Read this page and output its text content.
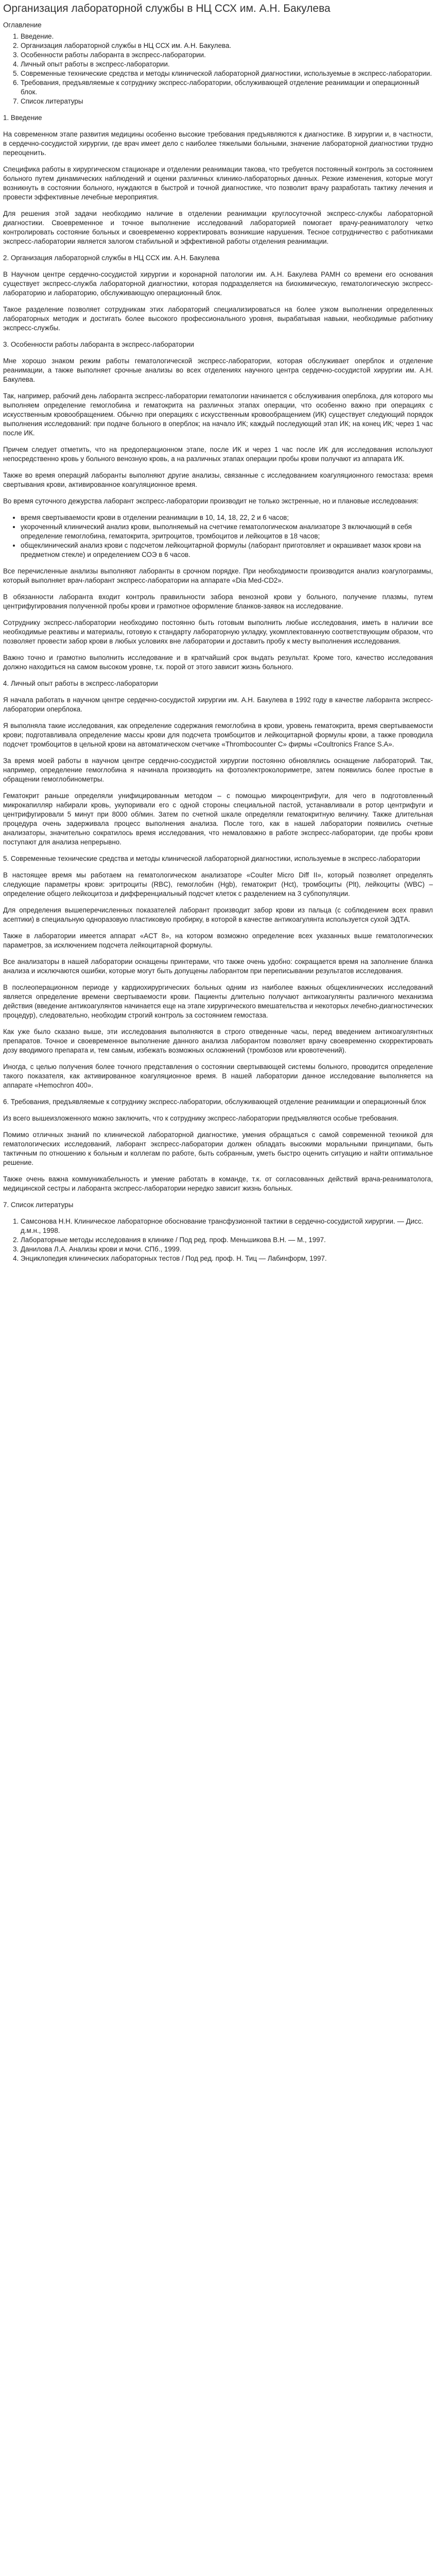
Организация лабораторной службы в НЦ ССХ им. А.Н. Бакулева
Оглавление
1. Введение.
2. Организация лабораторной службы в НЦ ССХ им. А.Н. Бакулева.
3. Особенности работы лаборанта в экспресс-лаборатории.
4. Личный опыт работы в экспресс-лаборатории.
5. Современные технические средства и методы клинической лабораторной диагностики, используемые в экспресс-лаборатории.
6. Требования, предъявляемые к сотруднику экспресс-лаборатории, обслуживающей отделение реанимации и операционный блок.
7. Список литературы

1. Введение

На современном этапе развития медицины особенно высокие требования предъявляются к диагностике. В хирургии и, в частности, в сердечно-сосудистой хирургии, где врач имеет дело с наиболее тяжелыми больными, значение лабораторной диагностики трудно переоценить.

Специфика работы в хирургическом стационаре и отделении реанимации такова, что требуется постоянный контроль за состоянием больного путем динамических наблюдений и оценки различных клинико-лабораторных данных. Резкие изменения, которые могут возникнуть в состоянии больного, нуждаются в быстрой и точной диагностике, что позволит врачу разработать тактику лечения и провести эффективные лечебные мероприятия.

Для решения этой задачи необходимо наличие в отделении реанимации круглосуточной экспресс-службы лабораторной диагностики. Своевременное и точное выполнение исследований лабораторией помогает врачу-реаниматологу четко контролировать состояние больных и своевременно корректировать возникшие нарушения. Тесное сотрудничество с работниками экспресс-лаборатории является залогом стабильной и эффективной работы отделения реанимации.

2. Организация лабораторной службы в НЦ ССХ им. А.Н. Бакулева

В Научном центре сердечно-сосудистой хирургии и коронарной патологии им. А.Н. Бакулева РАМН со времени его основания существует экспресс-служба лабораторной диагностики, которая подразделяется на биохимическую, гематологическую экспресс-лабораторию и лабораторию, обслуживающую операционный блок.

Такое разделение позволяет сотрудникам этих лабораторий специализироваться на более узком выполнении определенных лабораторных методик и достигать более высокого профессионального уровня, вырабатывая навыки, необходимые работнику экспресс-службы.

3. Особенности работы лаборанта в экспресс-лаборатории

Мне хорошо знаком режим работы гематологической экспресс-лаборатории, которая обслуживает оперблок и отделение реанимации, а также выполняет срочные анализы во всех отделениях научного центра сердечно-сосудистой хирургии им. А.Н. Бакулева.

Так, например, рабочий день лаборанта экспресс-лаборатории гематологии начинается с обслуживания оперблока, для которого мы выполняем определение гемоглобина и гематокрита на различных этапах операции, что особенно важно при операциях с искусственным кровообращением. Обычно при операциях с искусственным кровообращением (ИК) существует следующий порядок выполнения исследований: при подаче больного в оперблок; на начало ИК; каждый последующий этап ИК; на конец ИК; через 1 час после ИК.

Причем следует отметить, что на предоперационном этапе, после ИК и через 1 час после ИК для исследования используют непосредственно кровь у больного венозную кровь, а на различных этапах операции пробы крови получают из аппарата ИК.

Также во время операций лаборанты выполняют другие анализы, связанные с исследованием коагуляционного гемостаза: время свертывания крови, активированное коагуляционное время.

Во время суточного дежурства лаборант экспресс-лаборатории производит не только экстренные, но и плановые исследования:

• время свертываемости крови в отделении реанимации в 10, 14, 18, 22, 2 и 6 часов;
• укороченный клинический анализ крови, выполняемый на счетчике гематологическом анализаторе 3 включающий в себя определение гемоглобина, гематокрита, эритроцитов, тромбоцитов и лейкоцитов в 18 часов;
• общеклинический анализ крови с подсчетом лейкоцитарной формулы (лаборант приготовляет и окрашивает мазок крови на предметном стекле) и определением СОЭ в 6 часов.

Все перечисленные анализы выполняют лаборанты в срочном порядке. При необходимости производится анализ коагулограммы, который выполняет врач-лаборант экспресс-лаборатории на аппарате «Dia Med-CD2».

В обязанности лаборанта входит контроль правильности забора венозной крови у больного, получение плазмы, путем центрифугирования полученной пробы крови и грамотное оформление бланков-заявок на исследование.

Сотруднику экспресс-лаборатории необходимо постоянно быть готовым выполнить любые исследования, иметь в наличии все необходимые реактивы и материалы, готовую к стандарту лабораторную укладку, укомплектованную соответствующим образом, что позволяет провести забор крови в любых условиях вне лаборатории и доставить пробу к месту выполнения исследования.

Важно точно и грамотно выполнить исследование и в кратчайший срок выдать результат. Кроме того, качество исследования должно находиться на самом высоком уровне, т.к. порой от этого зависит жизнь больного.

4. Личный опыт работы в экспресс-лаборатории

Я начала работать в научном центре сердечно-сосудистой хирургии им. А.Н. Бакулева в 1992 году в качестве лаборанта экспресс-лаборатории оперблока.

Я выполняла такие исследования, как определение содержания гемоглобина в крови, уровень гематокрита, время свертываемости крови; подготавливала определение массы крови для подсчета тромбоцитов и лейкоцитарной формулы крови, а также проводила подсчет тромбоцитов в цельной крови на автоматическом счетчике «Thrombocounter C» фирмы «Coultronics France S.A».

За время моей работы в научном центре сердечно-сосудистой хирургии постоянно обновлялись оснащение лабораторий. Так, например, определение гемоглобина я начинала производить на фотоэлектроколориметре, затем появились более простые в обращении гемоглобинометры.

Гематокрит раньше определяли унифицированным методом – с помощью микроцентрифуги, для чего в подготовленный микрокапилляр набирали кровь, укупоривали его с одной стороны специальной пастой, устанавливали в ротор центрифуги и центрифугировали 5 минут при 8000 об/мин. Затем по счетной шкале определяли гематокритную величину. Также длительная процедура очень задерживала процесс выполнения анализа. После того, как в нашей лаборатории появились счетные анализаторы, значительно сократилось время исследования, что немаловажно в работе экспресс-лаборатории, где пробы крови поступают для анализа непрерывно.

5. Современные технические средства и методы клинической лабораторной диагностики, используемые в экспресс-лаборатории

В настоящее время мы работаем на гематологическом анализаторе «Coulter Micro Diff II», который позволяет определять следующие параметры крови: эритроциты (RBC), гемоглобин (Hgb), гематокрит (Hct), тромбоциты (Plt), лейкоциты (WBC) – определение общего лейкоцитоза и дифференциальный подсчет клеток с разделением на 3 субпопуляции.

Для определения вышеперечисленных показателей лаборант производит забор крови из пальца (с соблюдением всех правил асептики) в специальную одноразовую пластиковую пробирку, в которой в качестве антикоагулянта используется сухой ЭДТА.

Также в лаборатории имеется аппарат «ACT 8», на котором возможно определение всех указанных выше гематологических параметров, за исключением подсчета лейкоцитарной формулы.

Все анализаторы в нашей лаборатории оснащены принтерами, что также очень удобно: сокращается время на заполнение бланка анализа и исключаются ошибки, которые могут быть допущены лаборантом при переписывании результатов исследования.

В послеоперационном периоде у кардиохирургических больных одним из наиболее важных общеклинических исследований является определение времени свертываемости крови. Пациенты длительно получают антикоагулянты различного механизма действия (введение антикоагулянтов начинается еще на этапе хирургического вмешательства и некоторых лечебно-диагностических процедур), следовательно, необходим строгий контроль за состоянием гемостаза.

Как уже было сказано выше, эти исследования выполняются в строго отведенные часы, перед введением антикоагулянтных препаратов. Точное и своевременное выполнение данного анализа лаборантом позволяет врачу своевременно скорректировать дозу вводимого препарата и, тем самым, избежать возможных осложнений (тромбозов или кровотечений).

Иногда, с целью получения более точного представления о состоянии свертывающей системы больного, проводится определение такого показателя, как активированное коагуляционное время. В нашей лаборатории данное исследование выполняется на аппарате «Hemochron 400».

6. Требования, предъявляемые к сотруднику экспресс-лаборатории, обслуживающей отделение реанимации и операционный блок

Из всего вышеизложенного можно заключить, что к сотруднику экспресс-лаборатории предъявляются особые требования.

Помимо отличных знаний по клинической лабораторной диагностике, умения обращаться с самой современной техникой для гематологических исследований, лаборант экспресс-лаборатории должен обладать высокими моральными принципами, быть тактичным по отношению к больным и коллегам по работе, быть собранным, уметь быстро оценить ситуацию и найти оптимальное решение.

Также очень важна коммуникабельность и умение работать в команде, т.к. от согласованных действий врача-реаниматолога, медицинской сестры и лаборанта экспресс-лаборатории нередко зависит жизнь больных.

7. Список литературы

1. Самсонова Н.Н. Клиническое лабораторное обоснование трансфузионной тактики в сердечно-сосудистой хирургии. — Дисс. д.м.н., 1998.
2. Лабораторные методы исследования в клинике / Под ред. проф. Меньшикова В.Н. — М., 1997.
3. Данилова Л.А. Анализы крови и мочи. СПб., 1999.
4. Энциклопедия клинических лабораторных тестов / Под ред. проф. Н. Тиц — Лабинформ, 1997.
